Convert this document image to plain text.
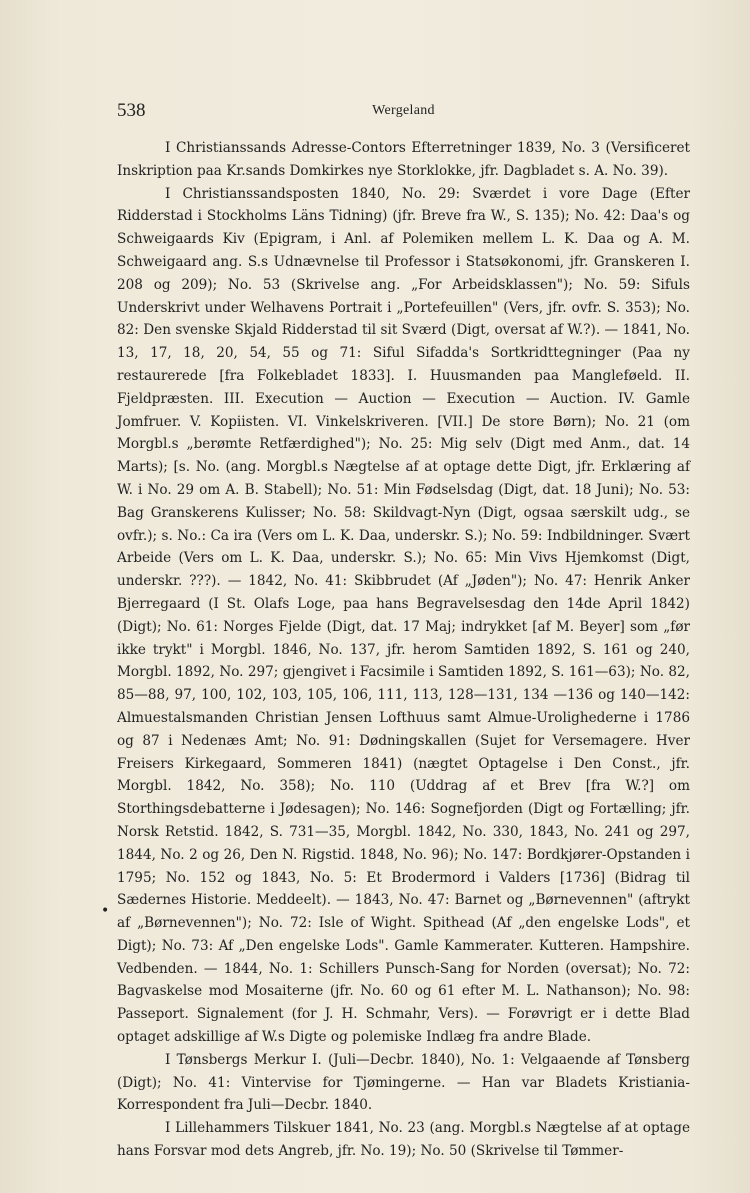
538	Wergeland

I Christianssands Adresse-Contors Efterretninger 1839, No. 3 (Versificeret Inskription paa Kr.sands Domkirkes nye Storklokke, jfr. Dagbladet s. A. No. 39).

I Christianssandsposten 1840, No. 29: Sværdet i vore Dage (Efter Ridderstad i Stockholms Läns Tidning) (jfr. Breve fra W., S. 135); No. 42: Daa's og Schweigaards Kiv (Epigram, i Anl. af Polemiken mellem L. K. Daa og A. M. Schweigaard ang. S.s Udnævnelse til Professor i Statsøkonomi, jfr. Granskeren I. 208 og 209); No. 53 (Skrivelse ang. „For Arbeidsklassen"); No. 59: Sifuls Underskrivt under Welhavens Portrait i „Portefeuillen" (Vers, jfr. ovfr. S. 353); No. 82: Den svenske Skjald Ridderstad til sit Sværd (Digt, oversat af W.?). — 1841, No. 13, 17, 18, 20, 54, 55 og 71: Siful Sifadda's Sortkridttegninger (Paa ny restaurerede [fra Folkebladet 1833]. I. Huusmanden paa Mangleføeld. II. Fjeldpræsten. III. Execution — Auction — Execution — Auction. IV. Gamle Jomfruer. V. Kopiisten. VI. Vinkelskriveren. [VII.] De store Børn); No. 21 (om Morgbl.s „berømte Retfærdighed"); No. 25: Mig selv (Digt med Anm., dat. 14 Marts); [s. No. (ang. Morgbl.s Nægtelse af at optage dette Digt, jfr. Erklæring af W. i No. 29 om A. B. Stabell); No. 51: Min Fødselsdag (Digt, dat. 18 Juni); No. 53: Bag Granskerens Kulisser; No. 58: Skildvagt-Nyn (Digt, ogsaa særskilt udg., se ovfr.); s. No.: Ca ira (Vers om L. K. Daa, underskr. S.); No. 59: Indbildninger. Svært Arbeide (Vers om L. K. Daa, underskr. S.); No. 65: Min Vivs Hjemkomst (Digt, underskr. ???). — 1842, No. 41: Skibbrudet (Af „Jøden"); No. 47: Henrik Anker Bjerregaard (I St. Olafs Loge, paa hans Begravelsesdag den 14de April 1842) (Digt); No. 61: Norges Fjelde (Digt, dat. 17 Maj; indrykket [af M. Beyer] som „før ikke trykt" i Morgbl. 1846, No. 137, jfr. herom Samtiden 1892, S. 161 og 240, Morgbl. 1892, No. 297; gjengivet i Facsimile i Samtiden 1892, S. 161—63); No. 82, 85—88, 97, 100, 102, 103, 105, 106, 111, 113, 128—131, 134 —136 og 140—142: Almuestalsmanden Christian Jensen Lofthuus samt Almue-Urolighederne i 1786 og 87 i Nedenæs Amt; No. 91: Dødningskallen (Sujet for Versemagere. Hver Freisers Kirkegaard, Sommeren 1841) (nægtet Optagelse i Den Const., jfr. Morgbl. 1842, No. 358); No. 110 (Uddrag af et Brev [fra W.?] om Storthingsdebatterne i Jødesagen); No. 146: Sognefjorden (Digt og Fortælling; jfr. Norsk Retstid. 1842, S. 731—35, Morgbl. 1842, No. 330, 1843, No. 241 og 297, 1844, No. 2 og 26, Den N. Rigstid. 1848, No. 96); No. 147: Bordkjører-Opstanden i 1795; No. 152 og 1843, No. 5: Et Brodermord i Valders [1736] (Bidrag til Sædernes Historie. Meddeelt). — 1843, No. 47: Barnet og „Børnevennen" (aftrykt af „Børnevennen"); No. 72: Isle of Wight. Spithead (Af „den engelske Lods", et Digt); No. 73: Af „Den engelske Lods". Gamle Kammerater. Kutteren. Hampshire. Vedbenden. — 1844, No. 1: Schillers Punsch-Sang for Norden (oversat); No. 72: Bagvaskelse mod Mosaiterne (jfr. No. 60 og 61 efter M. L. Nathanson); No. 98: Passeport. Signalement (for J. H. Schmahr, Vers). — Forøvrigt er i dette Blad optaget adskillige af W.s Digte og polemiske Indlæg fra andre Blade.

I Tønsbergs Merkur I. (Juli—Decbr. 1840), No. 1: Velgaaende af Tønsberg (Digt); No. 41: Vintervise for Tjømingerne. — Han var Bladets Kristiania-Korrespondent fra Juli—Decbr. 1840.

I Lillehammers Tilskuer 1841, No. 23 (ang. Morgbl.s Nægtelse af at optage hans Forsvar mod dets Angreb, jfr. No. 19); No. 50 (Skrivelse til Tømmer-

•
